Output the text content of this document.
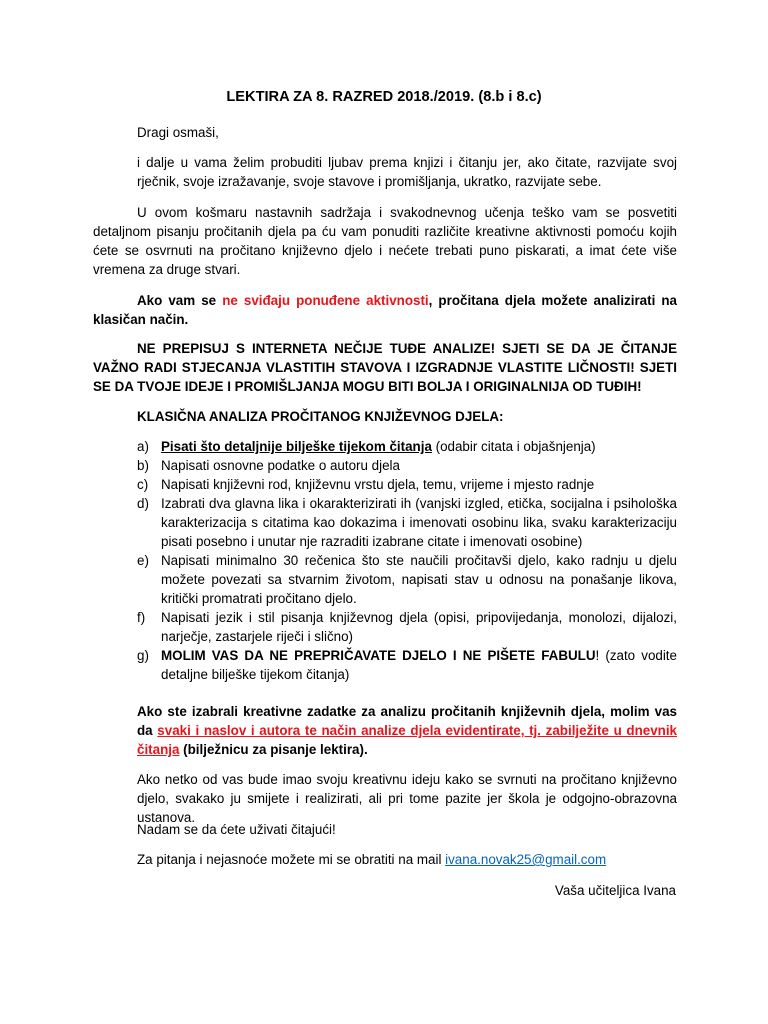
LEKTIRA ZA 8. RAZRED 2018./2019. (8.b i 8.c)

Dragi osmaši,

i dalje u vama želim probuditi ljubav prema knjizi i čitanju jer, ako čitate, razvijate svoj rječnik, svoje izražavanje, svoje stavove i promišljanja, ukratko, razvijate sebe.

U ovom košmaru nastavnih sadržaja i svakodnevnog učenja teško vam se posvetiti detaljnom pisanju pročitanih djela pa ću vam ponuditi različite kreativne aktivnosti pomoću kojih ćete se osvrnuti na pročitano književno djelo i nećete trebati puno piskarati, a imat ćete više vremena za druge stvari.

Ako vam se ne sviđaju ponuđene aktivnosti, pročitana djela možete analizirati na klasičan način.

NE PREPISUJ S INTERNETA NEČIJE TUĐE ANALIZE! SJETI SE DA JE ČITANJE VAŽNO RADI STJECANJA VLASTITIH STAVOVA I IZGRADNJE VLASTITE LIČNOSTI! SJETI SE DA TVOJE IDEJE I PROMIŠLJANJA MOGU BITI BOLJA I ORIGINALNIJA OD TUĐIH!

KLASIČNA ANALIZA PROČITANOG KNJIŽEVNOG DJELA:

a) Pisati što detaljnije bilješke tijekom čitanja (odabir citata i objašnjenja)
b) Napisati osnovne podatke o autoru djela
c) Napisati književni rod, književnu vrstu djela, temu, vrijeme i mjesto radnje
d) Izabrati dva glavna lika i okarakterizirati ih (vanjski izgled, etička, socijalna i psihološka karakterizacija s citatima kao dokazima i imenovati osobinu lika, svaku karakterizaciju pisati posebno i unutar nje razraditi izabrane citate i imenovati osobine)
e) Napisati minimalno 30 rečenica što ste naučili pročitavši djelo, kako radnju u djelu možete povezati sa stvarnim životom, napisati stav u odnosu na ponašanje likova, kritički promatrati pročitano djelo.
f) Napisati jezik i stil pisanja književnog djela (opisi, pripovijedanja, monolozi, dijalozi, narječje, zastarjele riječi i slično)
g) MOLIM VAS DA NE PREPRIČAVATE DJELO I NE PIŠETE FABULU! (zato vodite detaljne bilješke tijekom čitanja)

Ako ste izabrali kreativne zadatke za analizu pročitanih književnih djela, molim vas da svaki i naslov i autora te način analize djela evidentirate, tj. zabilježite u dnevnik čitanja (bilježnicu za pisanje lektira).

Ako netko od vas bude imao svoju kreativnu ideju kako se svrnuti na pročitano književno djelo, svakako ju smijete i realizirati, ali pri tome pazite jer škola je odgojno-obrazovna ustanova.

Nadam se da ćete uživati čitajući!

Za pitanja i nejasnoće možete mi se obratiti na mail ivana.novak25@gmail.com

Vaša učiteljica Ivana
